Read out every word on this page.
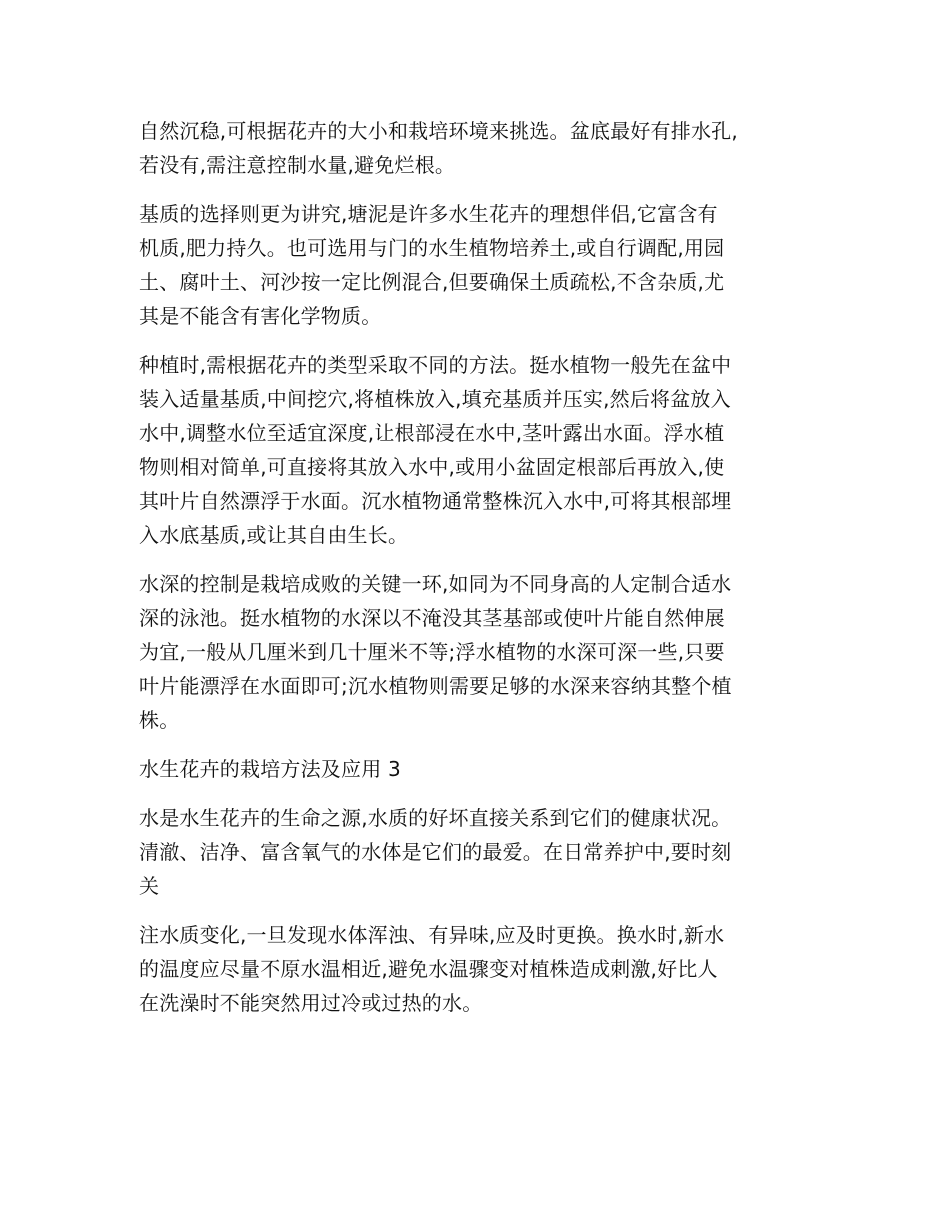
自然沉稳,可根据花卉的大小和栽培环境来挑选。盆底最好有排水孔,
若没有,需注意控制水量,避免烂根。

基质的选择则更为讲究,塘泥是许多水生花卉的理想伴侣,它富含有
机质,肥力持久。也可选用与门的水生植物培养土,或自行调配,用园
土、腐叶土、河沙按一定比例混合,但要确保土质疏松,不含杂质,尤
其是不能含有害化学物质。

种植时,需根据花卉的类型采取不同的方法。挺水植物一般先在盆中
装入适量基质,中间挖穴,将植株放入,填充基质并压实,然后将盆放入
水中,调整水位至适宜深度,让根部浸在水中,茎叶露出水面。浮水植
物则相对简单,可直接将其放入水中,或用小盆固定根部后再放入,使
其叶片自然漂浮于水面。沉水植物通常整株沉入水中,可将其根部埋
入水底基质,或让其自由生长。

水深的控制是栽培成败的关键一环,如同为不同身高的人定制合适水
深的泳池。挺水植物的水深以不淹没其茎基部或使叶片能自然伸展
为宜,一般从几厘米到几十厘米不等;浮水植物的水深可深一些,只要
叶片能漂浮在水面即可;沉水植物则需要足够的水深来容纳其整个植
株。

水生花卉的栽培方法及应用 3

水是水生花卉的生命之源,水质的好坏直接关系到它们的健康状况。
清澈、洁净、富含氧气的水体是它们的最爱。在日常养护中,要时刻
关

注水质变化,一旦发现水体浑浊、有异味,应及时更换。换水时,新水
的温度应尽量不原水温相近,避免水温骤变对植株造成刺激,好比人
在洗澡时不能突然用过冷或过热的水。
